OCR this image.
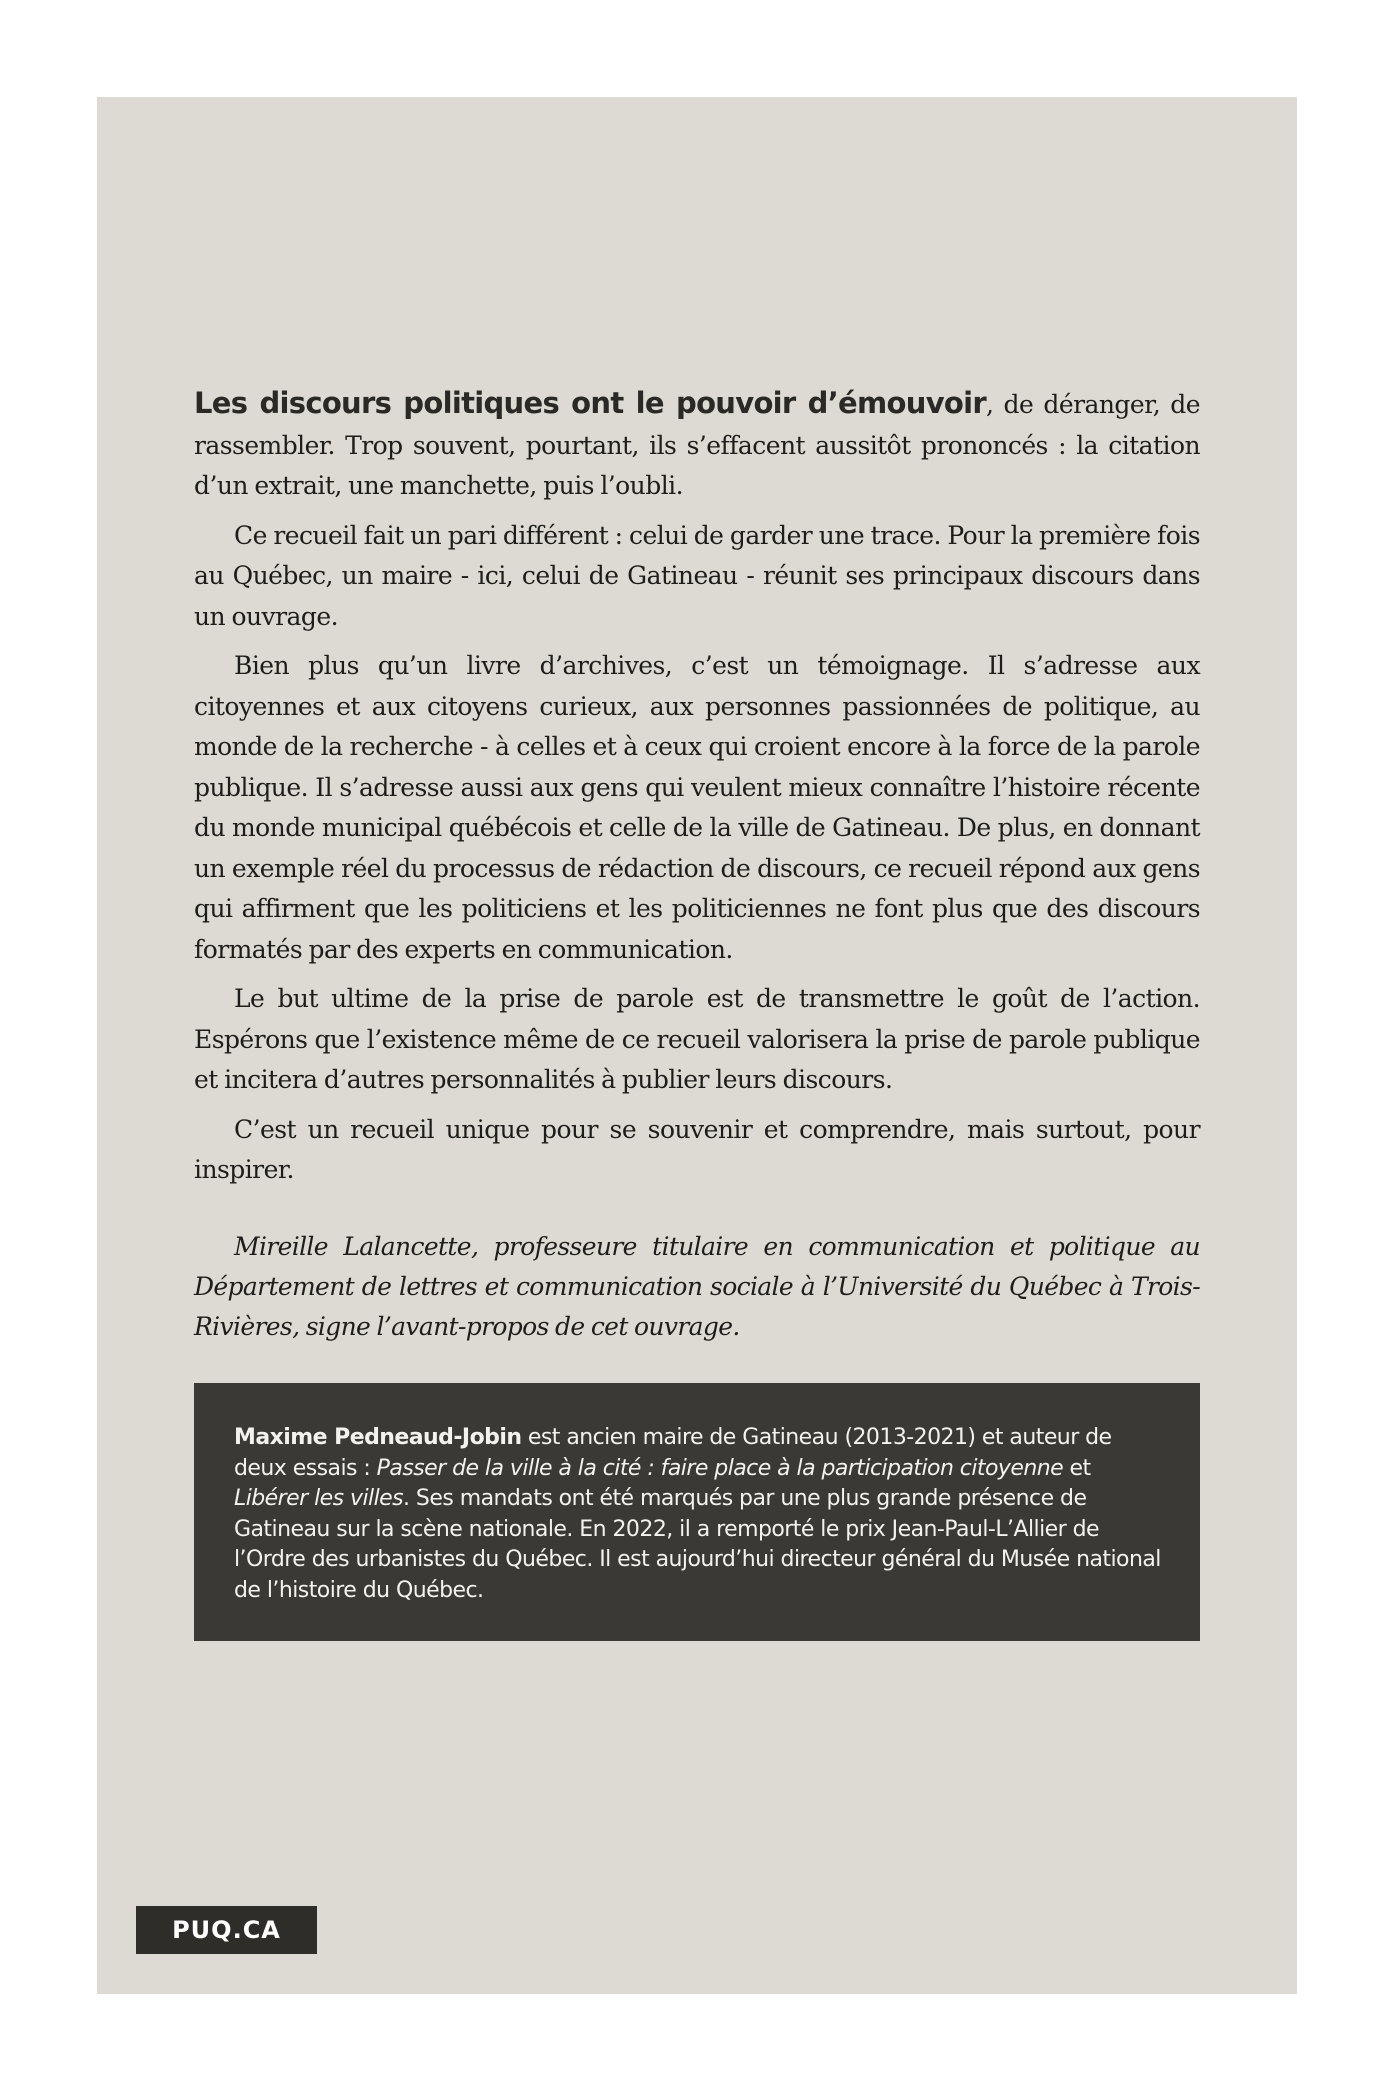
Les discours politiques ont le pouvoir d’émouvoir, de déranger, de rassembler. Trop souvent, pourtant, ils s’effacent aussitôt prononcés : la citation d’un extrait, une manchette, puis l’oubli.

Ce recueil fait un pari différent : celui de garder une trace. Pour la première fois au Québec, un maire - ici, celui de Gatineau - réunit ses principaux discours dans un ouvrage.

Bien plus qu’un livre d’archives, c’est un témoignage. Il s’adresse aux citoyennes et aux citoyens curieux, aux personnes passionnées de politique, au monde de la recherche - à celles et à ceux qui croient encore à la force de la parole publique. Il s’adresse aussi aux gens qui veulent mieux connaître l’histoire récente du monde municipal québécois et celle de la ville de Gatineau. De plus, en donnant un exemple réel du processus de rédaction de discours, ce recueil répond aux gens qui affirment que les politiciens et les politiciennes ne font plus que des discours formatés par des experts en communication.

Le but ultime de la prise de parole est de transmettre le goût de l’action. Espérons que l’existence même de ce recueil valorisera la prise de parole publique et incitera d’autres personnalités à publier leurs discours.

C’est un recueil unique pour se souvenir et comprendre, mais surtout, pour inspirer.

Mireille Lalancette, professeure titulaire en communication et politique au Département de lettres et communication sociale à l’Université du Québec à Trois-Rivières, signe l’avant-propos de cet ouvrage.

Maxime Pedneaud-Jobin est ancien maire de Gatineau (2013-2021) et auteur de deux essais : Passer de la ville à la cité : faire place à la participation citoyenne et Libérer les villes. Ses mandats ont été marqués par une plus grande présence de Gatineau sur la scène nationale. En 2022, il a remporté le prix Jean-Paul-L’Allier de l’Ordre des urbanistes du Québec. Il est aujourd’hui directeur général du Musée national de l’histoire du Québec.

PUQ.CA
